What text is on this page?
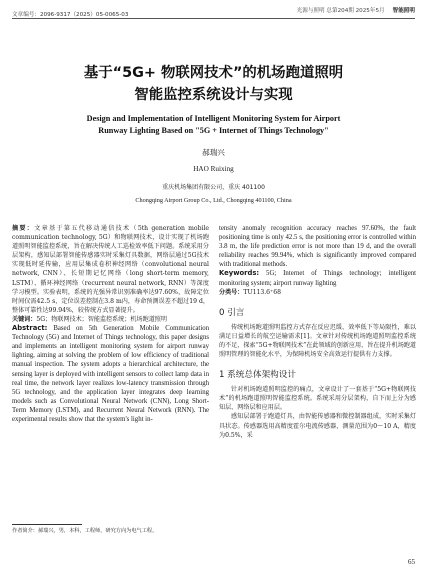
文章编号：2096-9317（2025）05-0065-03
光源与照明 总第204期 2025年5月 智能照明
基于“5G+ 物联网技术”的机场跑道照明
智能监控系统设计与实现
Design and Implementation of Intelligent Monitoring System for Airport
Runway Lighting Based on "5G + Internet of Things Technology"
郝瑞兴
HAO Ruixing
重庆机场集团有限公司，重庆 401100
Chongqing Airport Group Co., Ltd., Chongqing 401100, China

摘要：文章基于第五代移动通信技术（5th generation mobile communication technology, 5G）和物联网技术，设计实现了机场跑道照明智能监控系统，旨在解决传统人工巡检效率低下问题。系统采用分层架构，感知层部署智能传感器实时采集灯具数据，网络层通过5G技术实现低时延传输，应用层集成卷积神经网络（convolutional neural network, CNN）、长短期记忆网络（long short-term memory, LSTM）、循环神经网络（recurrent neural network, RNN）等深度学习模型。实验表明，系统的光强异常识别准确率达97.60%，故障定位时间仅需42.5 s，定位误差控制在3.8 m内，寿命预测误差不超过19 d，整体可靠性达99.94%，较传统方式显著提升。

关键词：5G；物联网技术；智能监控系统；机场跑道照明

Abstract: Based on 5th Generation Mobile Communication Technology (5G) and Internet of Things technology, this paper designs and implements an intelligent monitoring system for airport runway lighting, aiming at solving the problem of low efficiency of traditional manual inspection. The system adopts a hierarchical architecture, the sensing layer is deployed with intelligent sensors to collect lamp data in real time, the network layer realizes low-latency transmission through 5G technology, and the application layer integrates deep learning models such as Convolutional Neural Network (CNN), Long Short-Term Memory (LSTM), and Recurrent Neural Network (RNN). The experimental results show that the system's light in-

tensity anomaly recognition accuracy reaches 97.60%, the fault positioning time is only 42.5 s, the positioning error is controlled within 3.8 m, the life prediction error is not more than 19 d, and the overall reliability reaches 99.94%, which is significantly improved compared with traditional methods.

Keywords: 5G; Internet of Things technology; intelligent monitoring system; airport runway lighting

分类号：TU113.6⁺68

0 引言

传统机场跑道照明监控方式存在反应迟缓、效率低下等局限性，难以满足日益增长的航空运输需求[1]。文章针对传统机场跑道照明监控系统的不足，探索“5G+物联网技术”在此领域的创新应用，旨在提升机场跑道照明管理的智能化水平，为保障机场安全高效运行提供有力支撑。

1 系统总体架构设计

针对机场跑道照明监控的痛点，文章设计了一套基于“5G+物联网技术”的机场跑道照明智能监控系统。系统采用分层架构，自下而上分为感知层、网络层和应用层。

感知层部署于跑道灯具，由智能传感器和微控制器组成，实时采集灯具状态。传感器选用高精度霍尔电流传感器，测量范围为0～10 A，精度为0.5%，采

作者简介：郝瑞兴，男，本科，工程师，研究方向为电气工程。
65
